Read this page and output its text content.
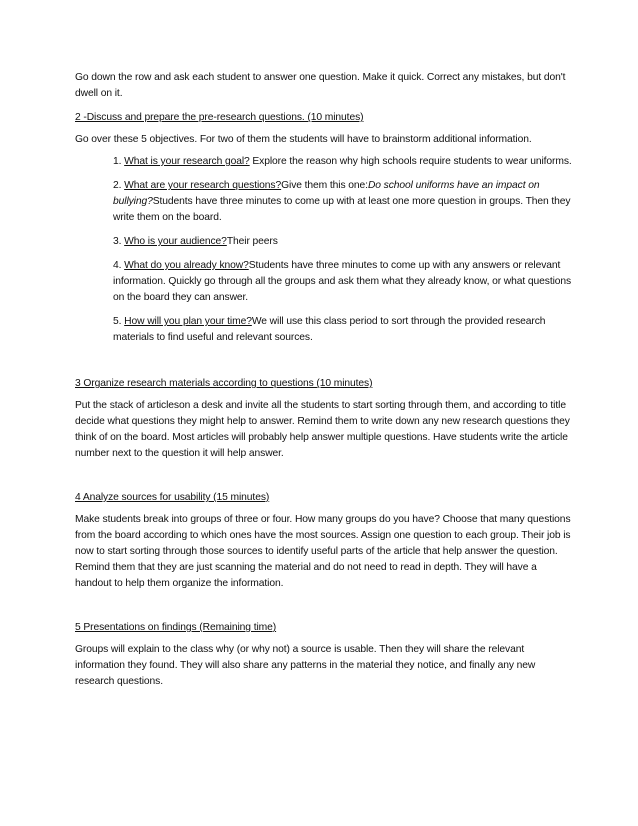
Go down the row and ask each student to answer one question. Make it quick. Correct any mistakes, but don't dwell on it.

2 -Discuss and prepare the pre-research questions. (10 minutes)

Go over these 5 objectives. For two of them the students will have to brainstorm additional information.

1. What is your research goal? Explore the reason why high schools require students to wear uniforms.

2. What are your research questions?Give them this one:Do school uniforms have an impact on bullying?Students have three minutes to come up with at least one more question in groups. Then they write them on the board.

3. Who is your audience?Their peers

4. What do you already know?Students have three minutes to come up with any answers or relevant information. Quickly go through all the groups and ask them what they already know, or what questions on the board they can answer.

5. How will you plan your time?We will use this class period to sort through the provided research materials to find useful and relevant sources.

3 Organize research materials according to questions (10 minutes)

Put the stack of articleson a desk and invite all the students to start sorting through them, and according to title decide what questions they might help to answer. Remind them to write down any new research questions they think of on the board. Most articles will probably help answer multiple questions. Have students write the article number next to the question it will help answer.

4 Analyze sources for usability (15 minutes)

Make students break into groups of three or four. How many groups do you have? Choose that many questions from the board according to which ones have the most sources. Assign one question to each group. Their job is now to start sorting through those sources to identify useful parts of the article that help answer the question. Remind them that they are just scanning the material and do not need to read in depth. They will have a handout to help them organize the information.

5 Presentations on findings (Remaining time)

Groups will explain to the class why (or why not) a source is usable. Then they will share the relevant information they found. They will also share any patterns in the material they notice, and finally any new research questions.
